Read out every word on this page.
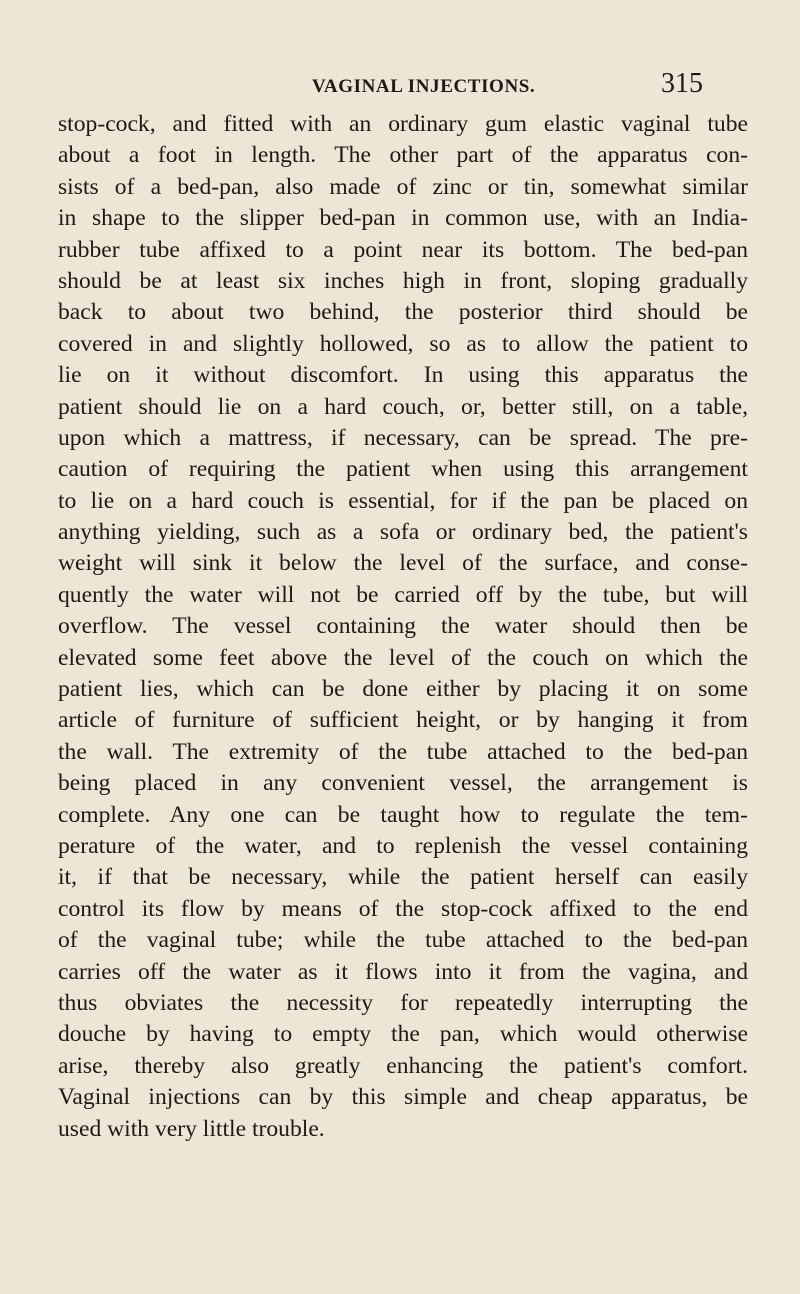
VAGINAL INJECTIONS.	315
stop-cock, and fitted with an ordinary gum elastic vaginal tube
about a foot in length. The other part of the apparatus con-
sists of a bed-pan, also made of zinc or tin, somewhat similar
in shape to the slipper bed-pan in common use, with an India-
rubber tube affixed to a point near its bottom. The bed-pan
should be at least six inches high in front, sloping gradually
back to about two behind, the posterior third should be
covered in and slightly hollowed, so as to allow the patient to
lie on it without discomfort. In using this apparatus the
patient should lie on a hard couch, or, better still, on a table,
upon which a mattress, if necessary, can be spread. The pre-
caution of requiring the patient when using this arrangement
to lie on a hard couch is essential, for if the pan be placed on
anything yielding, such as a sofa or ordinary bed, the patient's
weight will sink it below the level of the surface, and conse-
quently the water will not be carried off by the tube, but will
overflow. The vessel containing the water should then be
elevated some feet above the level of the couch on which the
patient lies, which can be done either by placing it on some
article of furniture of sufficient height, or by hanging it from
the wall. The extremity of the tube attached to the bed-pan
being placed in any convenient vessel, the arrangement is
complete. Any one can be taught how to regulate the tem-
perature of the water, and to replenish the vessel containing
it, if that be necessary, while the patient herself can easily
control its flow by means of the stop-cock affixed to the end
of the vaginal tube; while the tube attached to the bed-pan
carries off the water as it flows into it from the vagina, and
thus obviates the necessity for repeatedly interrupting the
douche by having to empty the pan, which would otherwise
arise, thereby also greatly enhancing the patient's comfort.
Vaginal injections can by this simple and cheap apparatus, be
used with very little trouble.
